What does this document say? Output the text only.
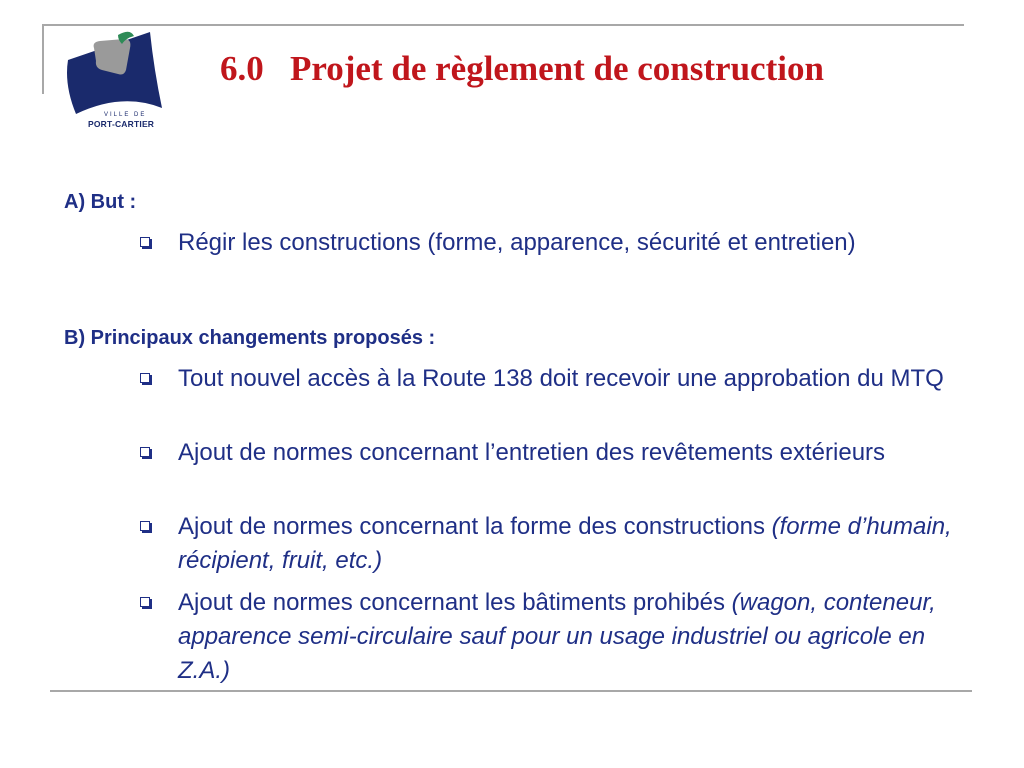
VILLE DE
PORT-CARTIER
6.0   Projet de règlement de construction
A) But :
Régir les constructions (forme, apparence, sécurité et entretien)
B) Principaux changements proposés :
Tout nouvel accès à la Route 138 doit recevoir une approbation du MTQ
Ajout de normes concernant l’entretien des revêtements extérieurs
Ajout de normes concernant la forme des constructions (forme d’humain, récipient, fruit, etc.)
Ajout de normes concernant les bâtiments prohibés (wagon, conteneur, apparence semi-circulaire sauf pour un usage industriel ou agricole en Z.A.)
